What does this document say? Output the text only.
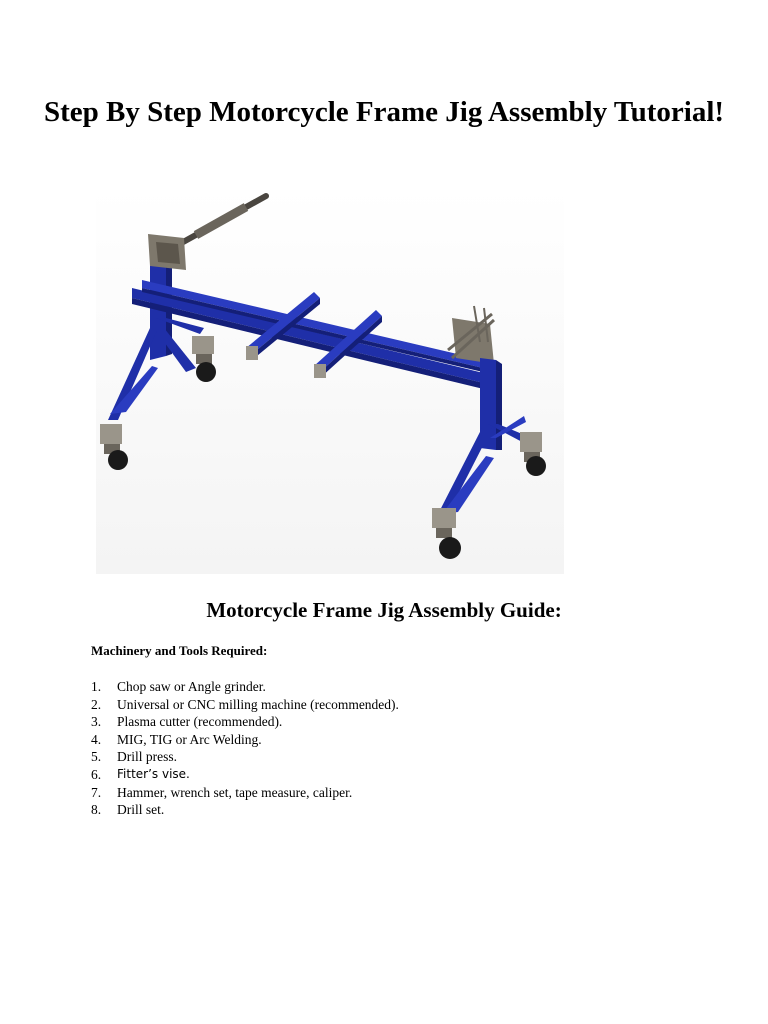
Step By Step Motorcycle Frame Jig Assembly Tutorial!
Motorcycle Frame Jig Assembly Guide:

Machinery and Tools Required:

1.	Chop saw or Angle grinder.
2.	Universal or CNC milling machine (recommended).
3.	Plasma cutter (recommended).
4.	MIG, TIG or Arc Welding.
5.	Drill press.
6.	Fitter’s vise.
7.	Hammer, wrench set, tape measure, caliper.
8.	Drill set.
